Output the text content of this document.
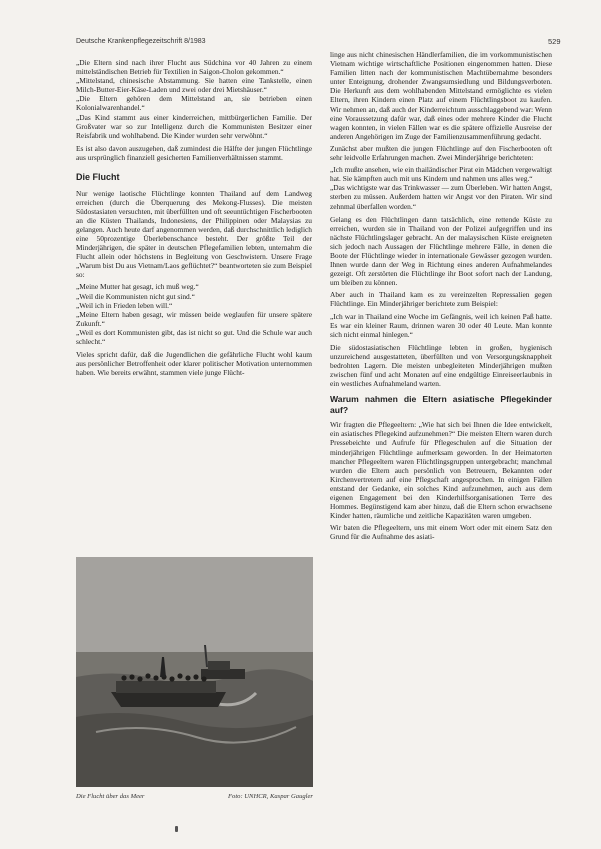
Deutsche Krankenpflegezeitschrift 8/1983	529

„Die Eltern sind nach ihrer Flucht aus Südchina vor 40 Jahren zu einem mittelständischen Betrieb für Textilien in Saigon-Cholon gekommen.“

„Mittelstand, chinesische Abstammung. Sie hatten eine Tankstelle, einen Milch-Butter-Eier-Käse-Laden und zwei oder drei Mietshäuser.“

„Die Eltern gehören dem Mittelstand an, sie betrieben einen Kolonialwarenhandel.“

„Das Kind stammt aus einer kinderreichen, mittbürgerlichen Familie. Der Großvater war so zur Intelligenz durch die Kommunisten Besitzer einer Reisfabrik und wohlhabend. Die Kinder wurden sehr verwöhnt.“

Es ist also davon auszugehen, daß zumindest die Hälfte der jungen Flüchtlinge aus ursprünglich finanziell gesicherten Familienverhältnissen stammt.

Die Flucht

Nur wenige laotische Flüchtlinge konnten Thailand auf dem Landweg erreichen (durch die Überquerung des Mekong-Flusses). Die meisten Südostasiaten versuchten, mit überfüllten und oft seeuntüchtigen Fischerbooten an die Küsten Thailands, Indonesiens, der Philippinen oder Malaysias zu gelangen. Auch heute darf angenommen werden, daß durchschnittlich lediglich eine 50prozentige Überlebenschance besteht. Der größte Teil der Minderjährigen, die später in deutschen Pflegefamilien lebten, unternahm die Flucht allein oder höchstens in Begleitung von Geschwistern. Unsere Frage „Warum bist Du aus Vietnam/Laos geflüchtet?“ beantworteten sie zum Beispiel so:

„Meine Mutter hat gesagt, ich muß weg.“

„Weil die Kommunisten nicht gut sind.“

„Weil ich in Frieden leben will.“

„Meine Eltern haben gesagt, wir müssen beide weglaufen für unsere spätere Zukunft.“

„Weil es dort Kommunisten gibt, das ist nicht so gut. Und die Schule war auch schlecht.“

Vieles spricht dafür, daß die Jugendlichen die gefährliche Flucht wohl kaum aus persönlicher Betroffenheit oder klarer politischer Motivation unternommen haben. Wie bereits erwähnt, stammen viele junge Flücht-

Die Flucht über das Meer	Foto: UNHCR, Kaspar Gaugler

linge aus nicht chinesischen Händlerfamilien, die im vorkommunistischen Vietnam wichtige wirtschaftliche Positionen eingenommen hatten. Diese Familien litten nach der kommunistischen Machtübernahme besonders unter Enteignung, drohender Zwangsumsiedlung und Bildungsverboten. Die Herkunft aus dem wohlhabenden Mittelstand ermöglichte es vielen Eltern, ihren Kindern einen Platz auf einem Flüchtlingsboot zu kaufen. Wir nehmen an, daß auch der Kinderreichtum ausschlaggebend war: Wenn eine Voraussetzung dafür war, daß eines oder mehrere Kinder die Flucht wagen konnten, in vielen Fällen war es die spätere offizielle Ausreise der anderen Angehörigen im Zuge der Familienzusammenführung gedacht.

Zunächst aber mußten die jungen Flüchtlinge auf den Fischerbooten oft sehr leidvolle Erfahrungen machen. Zwei Minderjährige berichteten:

„Ich mußte ansehen, wie ein thailändischer Pirat ein Mädchen vergewaltigt hat. Sie kämpften auch mit uns Kindern und nahmen uns alles weg.“

„Das wichtigste war das Trinkwasser — zum Überleben. Wir hatten Angst, sterben zu müssen. Außerdem hatten wir Angst vor den Piraten. Wir sind zehnmal überfallen worden.“

Gelang es den Flüchtlingen dann tatsächlich, eine rettende Küste zu erreichen, wurden sie in Thailand von der Polizei aufgegriffen und ins nächste Flüchtlingslager gebracht. An der malaysischen Küste ereigneten sich jedoch nach Aussagen der Flüchtlinge mehrere Fälle, in denen die Boote der Flüchtlinge wieder in internationale Gewässer gezogen wurden. Ihnen wurde dann der Weg in Richtung eines anderen Aufnahmelandes gezeigt. Oft zerstörten die Flüchtlinge ihr Boot sofort nach der Landung, um bleiben zu können.

Aber auch in Thailand kam es zu vereinzelten Repressalien gegen Flüchtlinge. Ein Minderjähriger berichtete zum Beispiel:

„Ich war in Thailand eine Woche im Gefängnis, weil ich keinen Paß hatte. Es war ein kleiner Raum, drinnen waren 30 oder 40 Leute. Man konnte sich nicht einmal hinlegen.“

Die südostasiatischen Flüchtlinge lebten in großen, hygienisch unzureichend ausgestatteten, überfüllten und von Versorgungsknappheit bedrohten Lagern. Die meisten unbegleiteten Minderjährigen mußten zwischen fünf und acht Monaten auf eine endgültige Einreiseerlaubnis in ein westliches Aufnahmeland warten.

Warum nahmen die Eltern asiatische Pflegekinder auf?

Wir fragten die Pflegeeltern: „Wie hat sich bei Ihnen die Idee entwickelt, ein asiatisches Pflegekind aufzunehmen?“ Die meisten Eltern waren durch Pressebeichte und Aufrufe für Pflegeschulen auf die Situation der minderjährigen Flüchtlinge aufmerksam geworden. In der Heimatorten mancher Pflegeeltern waren Flüchtlingsgruppen untergebracht; manchmal wurden die Eltern auch persönlich von Betreuern, Bekannten oder Kirchenvertretern auf eine Pflegschaft angesprochen. In einigen Fällen entstand der Gedanke, ein solches Kind aufzunehmen, auch aus dem eigenen Engagement bei den Kinderhilfsorganisationen Terre des Hommes. Begünstigend kam aber hinzu, daß die Eltern schon erwachsene Kinder hatten, räumliche und zeitliche Kapazitäten waren umgeben.

Wir baten die Pflegeeltern, uns mit einem Wort oder mit einem Satz den Grund für die Aufnahme des asiati-
